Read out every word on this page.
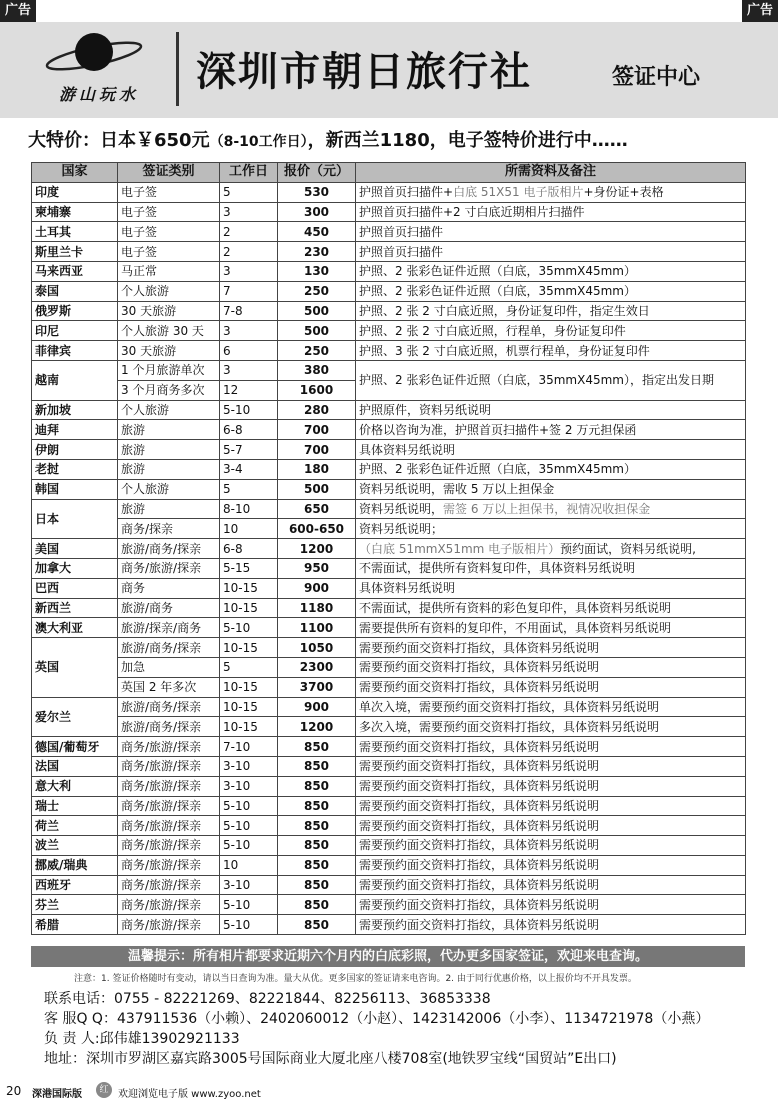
广告	广告
游山玩水	深圳市朝日旅行社	签证中心
大特价：日本￥650元（8-10工作日），新西兰1180，电子签特价进行中……
国家	签证类别	工作日	报价（元）	所需资料及备注
印度	电子签	5	530	护照首页扫描件+白底 51X51 电子版相片+身份证+表格
柬埔寨	电子签	3	300	护照首页扫描件+2 寸白底近期相片扫描件
土耳其	电子签	2	450	护照首页扫描件
斯里兰卡	电子签	2	230	护照首页扫描件
马来西亚	马正常	3	130	护照、2 张彩色证件近照（白底，35mmX45mm）
泰国	个人旅游	7	250	护照、2 张彩色证件近照（白底，35mmX45mm）
俄罗斯	30 天旅游	7-8	500	护照、2 张 2 寸白底近照，身份证复印件，指定生效日
印尼	个人旅游 30 天	3	500	护照、2 张 2 寸白底近照，行程单，身份证复印件
菲律宾	30 天旅游	6	250	护照、3 张 2 寸白底近照，机票行程单，身份证复印件
越南	1 个月旅游单次	3	380	护照、2 张彩色证件近照（白底，35mmX45mm），指定出发日期
	3 个月商务多次	12	1600	
新加坡	个人旅游	5-10	280	护照原件，资料另纸说明
迪拜	旅游	6-8	700	价格以咨询为准，护照首页扫描件+签 2 万元担保函
伊朗	旅游	5-7	700	具体资料另纸说明
老挝	旅游	3-4	180	护照、2 张彩色证件近照（白底，35mmX45mm）
韩国	个人旅游	5	500	资料另纸说明，需收 5 万以上担保金
日本	旅游	8-10	650	资料另纸说明，需签 6 万以上担保书，视情况收担保金
	商务/探亲	10	600-650	资料另纸说明；
美国	旅游/商务/探亲	6-8	1200	（白底 51mmX51mm 电子版相片）预约面试，资料另纸说明,
加拿大	商务/旅游/探亲	5-15	950	不需面试，提供所有资料复印件，具体资料另纸说明
巴西	商务	10-15	900	具体资料另纸说明
新西兰	旅游/商务	10-15	1180	不需面试，提供所有资料的彩色复印件，具体资料另纸说明
澳大利亚	旅游/探亲/商务	5-10	1100	需要提供所有资料的复印件，不用面试，具体资料另纸说明
英国	旅游/商务/探亲	10-15	1050	需要预约面交资料打指纹，具体资料另纸说明
	加急	5	2300	需要预约面交资料打指纹，具体资料另纸说明
	英国 2 年多次	10-15	3700	需要预约面交资料打指纹，具体资料另纸说明
爱尔兰	旅游/商务/探亲	10-15	900	单次入境，需要预约面交资料打指纹，具体资料另纸说明
	旅游/商务/探亲	10-15	1200	多次入境，需要预约面交资料打指纹，具体资料另纸说明
德国/葡萄牙	商务/旅游/探亲	7-10	850	需要预约面交资料打指纹，具体资料另纸说明
法国	商务/旅游/探亲	3-10	850	需要预约面交资料打指纹，具体资料另纸说明
意大利	商务/旅游/探亲	3-10	850	需要预约面交资料打指纹，具体资料另纸说明
瑞士	商务/旅游/探亲	5-10	850	需要预约面交资料打指纹，具体资料另纸说明
荷兰	商务/旅游/探亲	5-10	850	需要预约面交资料打指纹，具体资料另纸说明
波兰	商务/旅游/探亲	5-10	850	需要预约面交资料打指纹，具体资料另纸说明
挪威/瑞典	商务/旅游/探亲	10	850	需要预约面交资料打指纹，具体资料另纸说明
西班牙	商务/旅游/探亲	3-10	850	需要预约面交资料打指纹，具体资料另纸说明
芬兰	商务/旅游/探亲	5-10	850	需要预约面交资料打指纹，具体资料另纸说明
希腊	商务/旅游/探亲	5-10	850	需要预约面交资料打指纹，具体资料另纸说明
温馨提示：所有相片都要求近期六个月内的白底彩照，代办更多国家签证，欢迎来电查询。
注意：1. 签证价格随时有变动，请以当日查询为准。量大从优。更多国家的签证请来电咨询。2. 由于同行优惠价格，以上报价均不开具发票。
联系电话：0755 - 82221269、82221844、82256113、36853338
客 服Q Q：437911536（小赖）、2402060012（小赵）、1423142006（小李）、1134721978（小燕）
负 责 人:邱伟雄13902921133
地址：深圳市罗湖区嘉宾路3005号国际商业大厦北座八楼708室(地铁罗宝线“国贸站”E出口)
20 深港国际版	红 欢迎浏览电子版 www.zyoo.net
